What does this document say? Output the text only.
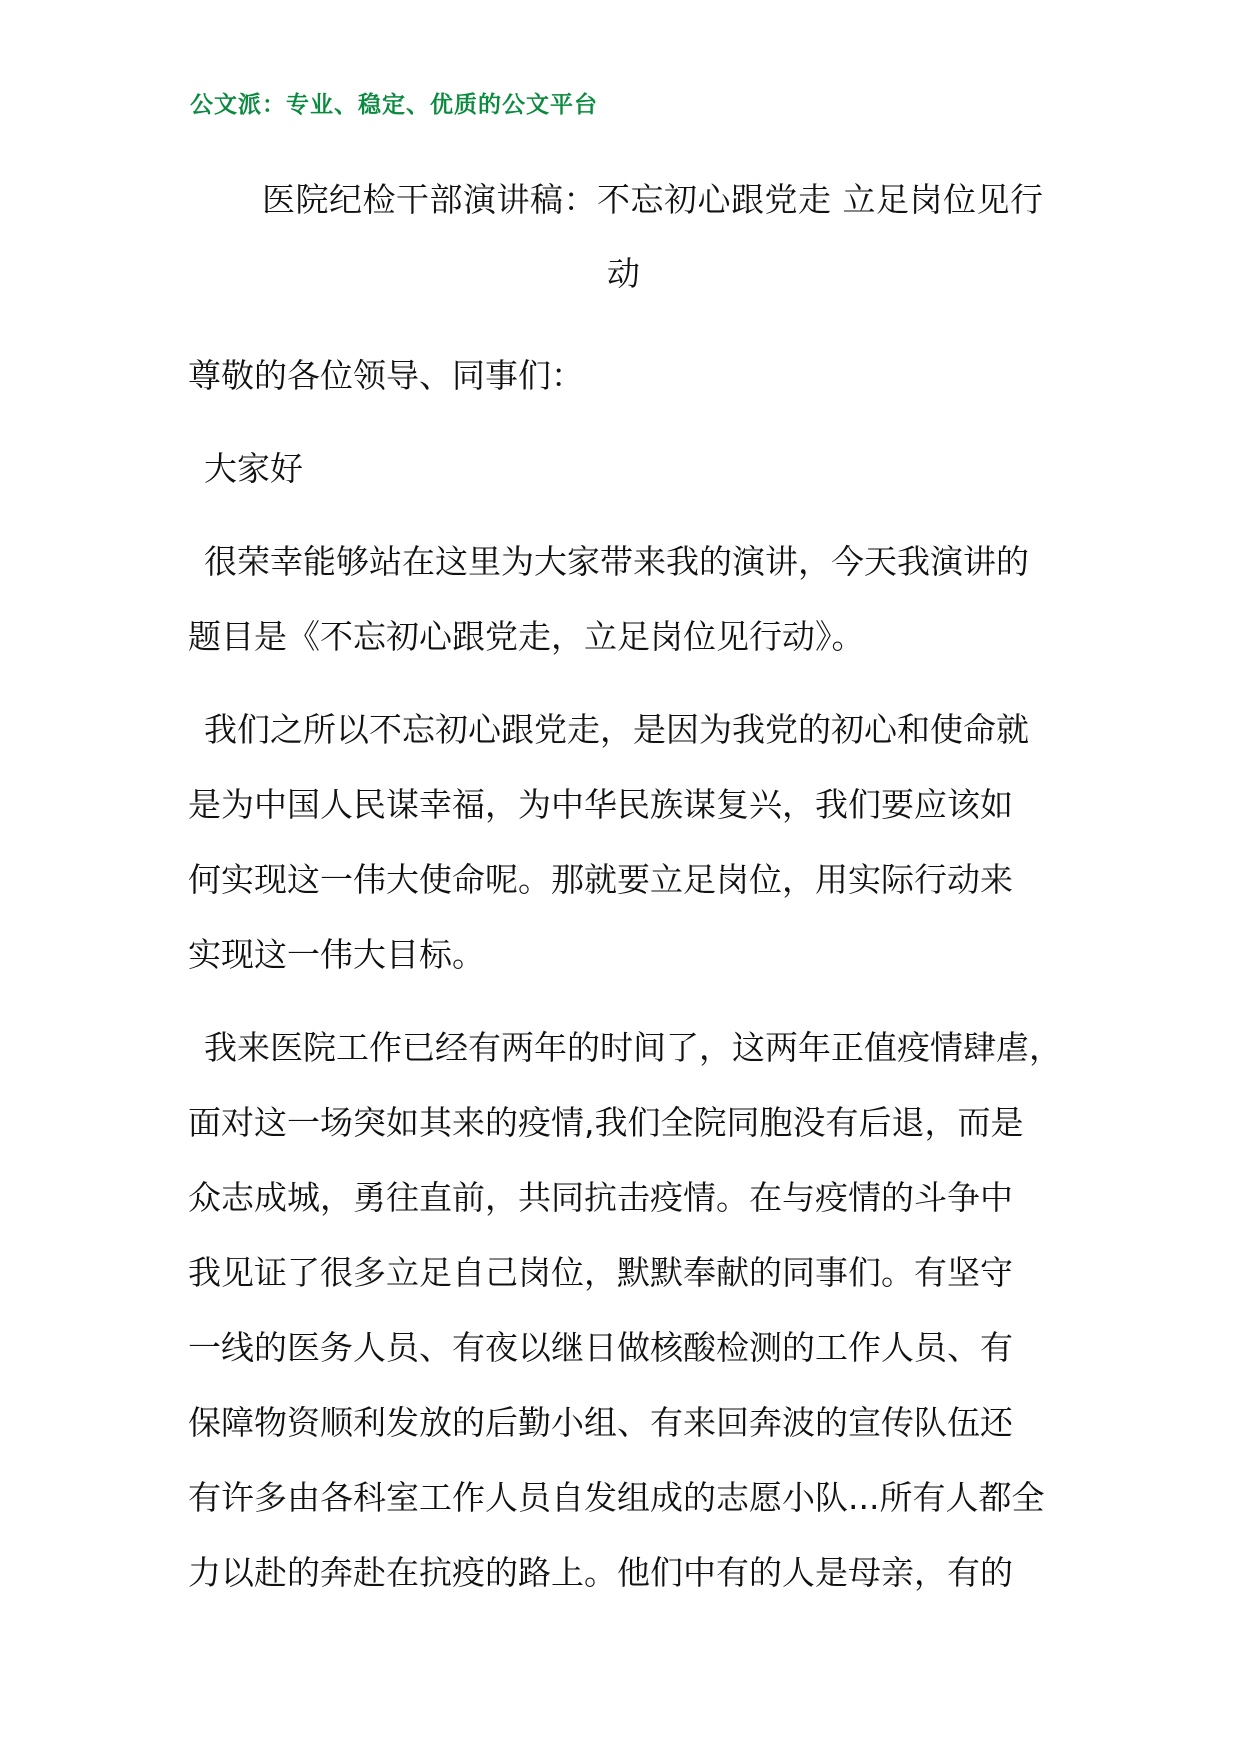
公文派：专业、稳定、优质的公文平台
医院纪检干部演讲稿：不忘初心跟党走 立足岗位见行
动
尊敬的各位领导、同事们：
大家好
很荣幸能够站在这里为大家带来我的演讲，今天我演讲的
题目是《不忘初心跟党走，立足岗位见行动》。
我们之所以不忘初心跟党走，是因为我党的初心和使命就
是为中国人民谋幸福，为中华民族谋复兴，我们要应该如
何实现这一伟大使命呢。那就要立足岗位，用实际行动来
实现这一伟大目标。
我来医院工作已经有两年的时间了，这两年正值疫情肆虐，
面对这一场突如其来的疫情,我们全院同胞没有后退，而是
众志成城，勇往直前，共同抗击疫情。在与疫情的斗争中
我见证了很多立足自己岗位，默默奉献的同事们。有坚守
一线的医务人员、有夜以继日做核酸检测的工作人员、有
保障物资顺利发放的后勤小组、有来回奔波的宣传队伍还
有许多由各科室工作人员自发组成的志愿小队...所有人都全
力以赴的奔赴在抗疫的路上。他们中有的人是母亲，有的
